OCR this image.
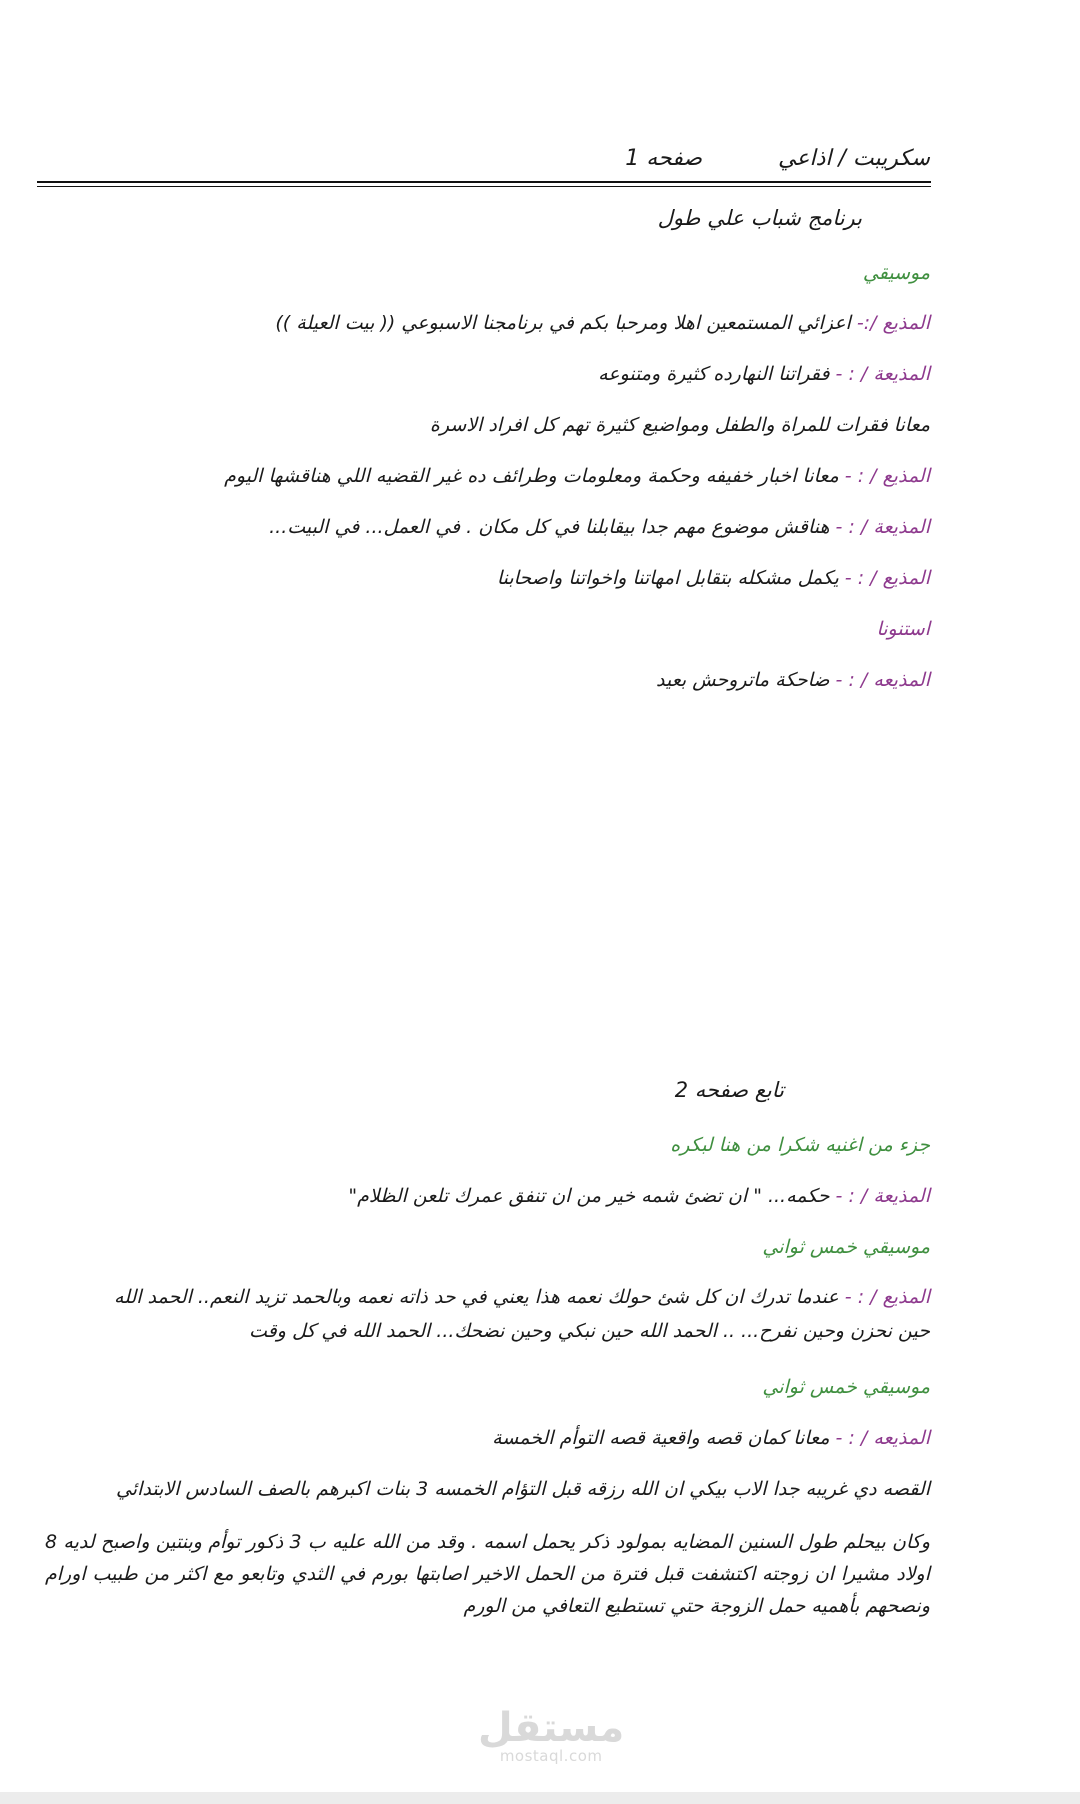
سكريبت / اذاعي  صفحه 1
برنامج شباب علي طول
موسيقي
المذيع /:- اعزائي المستمعين اهلا ومرحبا بكم في برنامجنا الاسبوعي (( بيت العيلة ))
المذيعة / : - فقراتنا النهارده كثيرة ومتنوعه
معانا فقرات للمراة والطفل ومواضيع كثيرة تهم كل افراد الاسرة
المذيع / : - معانا اخبار خفيفه وحكمة ومعلومات وطرائف ده غير القضيه اللي هناقشها اليوم
المذيعة / : - هناقش موضوع مهم جدا بيقابلنا في كل مكان . في العمل... في البيت...
المذيع / : - يكمل مشكله بتقابل امهاتنا واخواتنا واصحابنا
استنونا
المذيعه / : - ضاحكة ماتروحش بعيد
تابع صفحه 2
جزء من اغنيه شكرا من هنا لبكره
المذيعة / : - حكمه... " ان تضئ شمه خير من ان تنفق عمرك تلعن الظلام"
موسيقي خمس ثواني
المذيع / : - عندما تدرك ان كل شئ حولك نعمه هذا يعني في حد ذاته نعمه وبالحمد تزيد النعم.. الحمد الله
حين نحزن وحين نفرح... .. الحمد الله حين نبكي وحين نضحك... الحمد الله في كل وقت
موسيقي خمس ثواني
المذيعه / : - معانا كمان قصه واقعية قصه التوأم الخمسة
القصه دي غريبه جدا الاب بيكي ان الله رزقه قبل التؤام الخمسه 3 بنات اكبرهم بالصف السادس الابتدائي
وكان بيحلم طول السنين المضايه بمولود ذكر يحمل اسمه . وقد من الله عليه ب 3 ذكور توأم وبنتين واصبح لديه 8 اولاد مشيرا ان زوجته اكتشفت قبل فترة من الحمل الاخير اصابتها بورم في الثدي وتابعو مع اكثر من طبيب اورام ونصحهم بأهميه حمل الزوجة حتي تستطيع التعافي من الورم
مستقل
mostaql.com
